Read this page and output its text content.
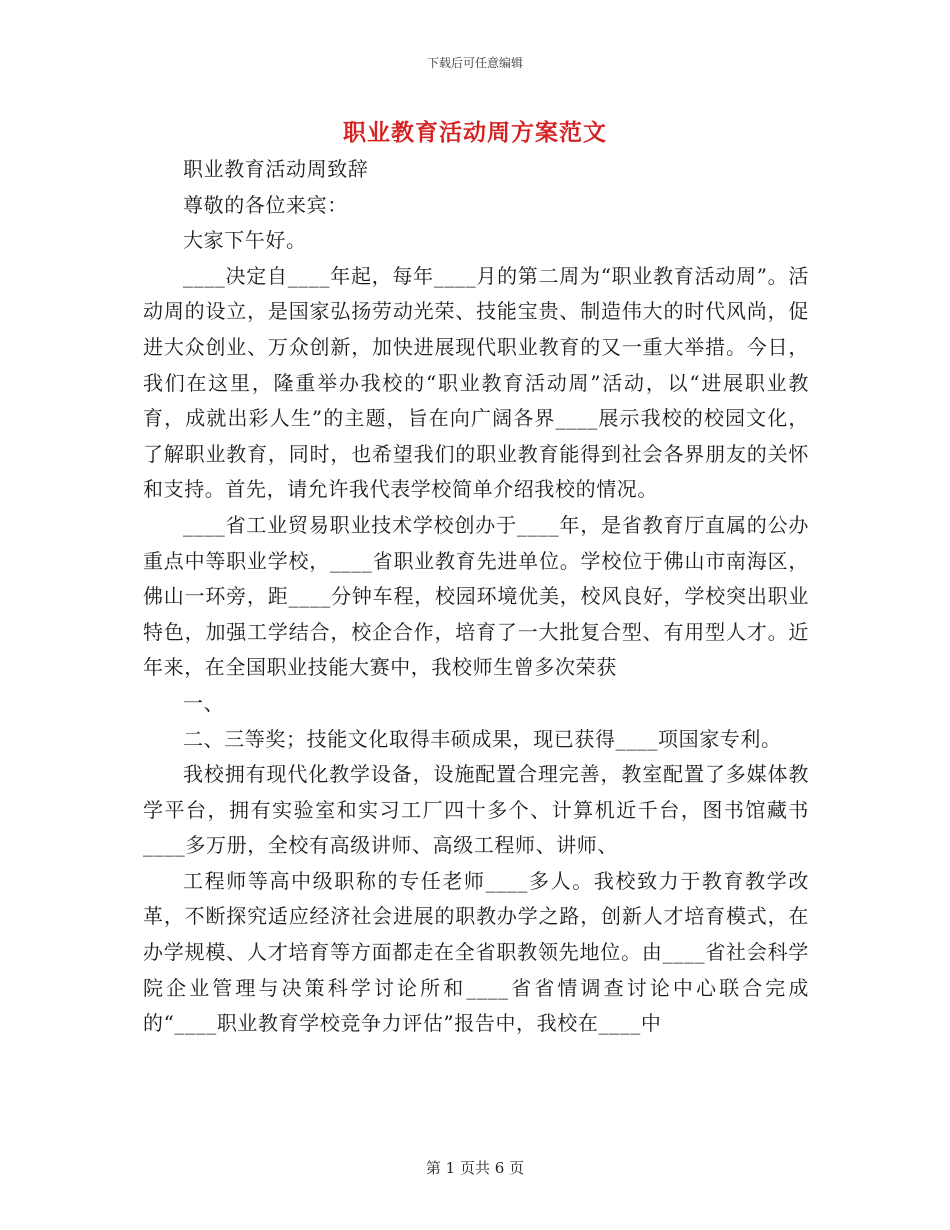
下载后可任意编辑
职业教育活动周方案范文

职业教育活动周致辞

尊敬的各位来宾：

大家下午好。

____决定自____年起，每年____月的第二周为“职业教育活动周”。活动周的设立，是国家弘扬劳动光荣、技能宝贵、制造伟大的时代风尚，促进大众创业、万众创新，加快进展现代职业教育的又一重大举措。今日，我们在这里，隆重举办我校的“职业教育活动周”活动，以“进展职业教育，成就出彩人生”的主题，旨在向广阔各界____展示我校的校园文化，了解职业教育，同时，也希望我们的职业教育能得到社会各界朋友的关怀和支持。首先，请允许我代表学校简单介绍我校的情况。

____省工业贸易职业技术学校创办于____年，是省教育厅直属的公办重点中等职业学校，____省职业教育先进单位。学校位于佛山市南海区，佛山一环旁，距____分钟车程，校园环境优美，校风良好，学校突出职业特色，加强工学结合，校企合作，培育了一大批复合型、有用型人才。近年来，在全国职业技能大赛中，我校师生曾多次荣获

一、

二、三等奖；技能文化取得丰硕成果，现已获得____项国家专利。

我校拥有现代化教学设备，设施配置合理完善，教室配置了多媒体教学平台，拥有实验室和实习工厂四十多个、计算机近千台，图书馆藏书____多万册，全校有高级讲师、高级工程师、讲师、

工程师等高中级职称的专任老师____多人。我校致力于教育教学改革，不断探究适应经济社会进展的职教办学之路，创新人才培育模式，在办学规模、人才培育等方面都走在全省职教领先地位。由____省社会科学院企业管理与决策科学讨论所和____省省情调查讨论中心联合完成的“____职业教育学校竞争力评估”报告中，我校在____中

第 1 页共 6 页
